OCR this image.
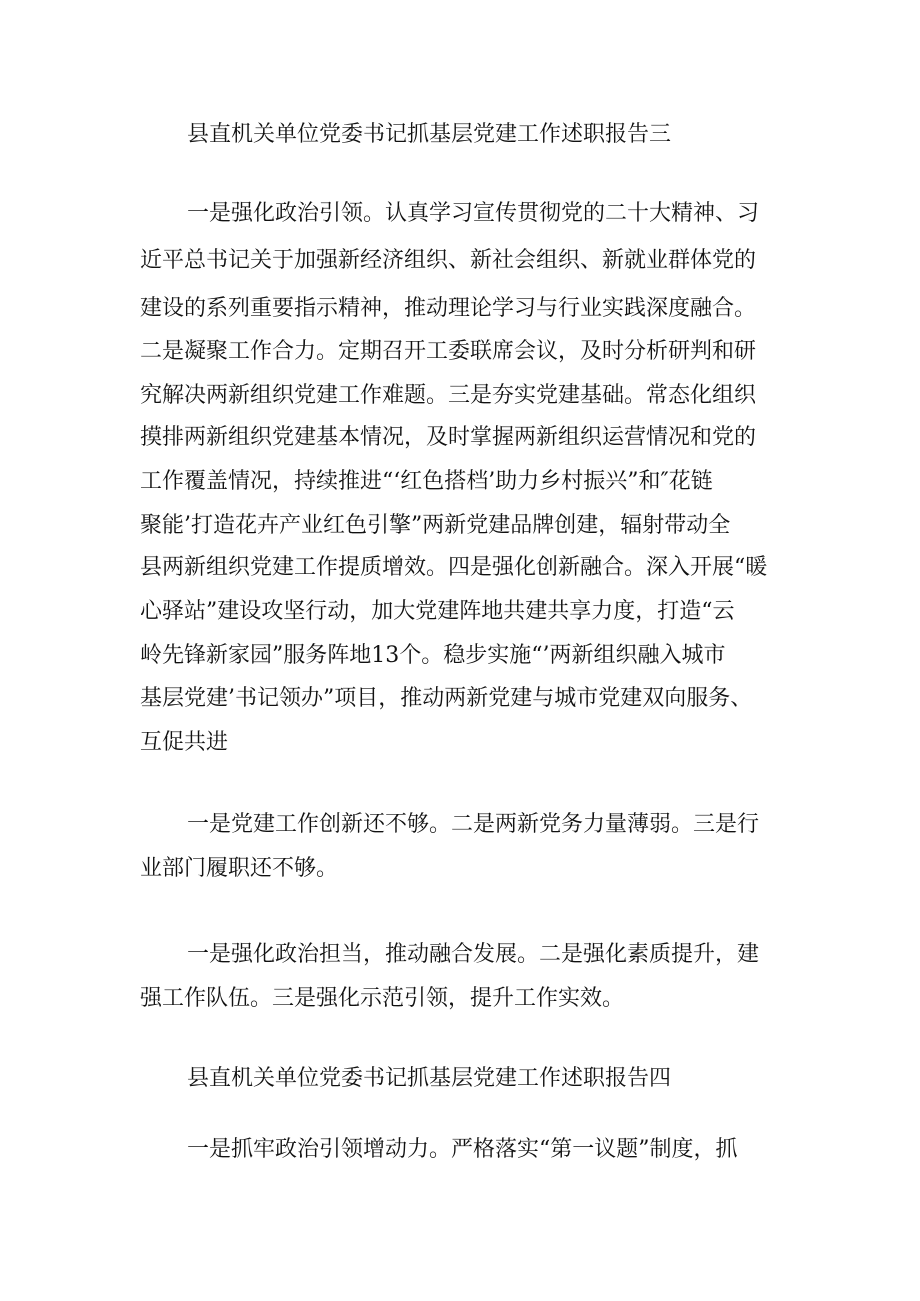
县直机关单位党委书记抓基层党建工作述职报告三

一是强化政治引领。认真学习宣传贯彻党的二十大精神、习

近平总书记关于加强新经济组织、新社会组织、新就业群体党的

建设的系列重要指示精神，推动理论学习与行业实践深度融合。

二是凝聚工作合力。定期召开工委联席会议，及时分析研判和研

究解决两新组织党建工作难题。三是夯实党建基础。常态化组织

摸排两新组织党建基本情况，及时掌握两新组织运营情况和党的

工作覆盖情况，持续推进“‘红色搭档’助力乡村振兴”和″花链

聚能’打造花卉产业红色引擎”两新党建品牌创建，辐射带动全

县两新组织党建工作提质增效。四是强化创新融合。深入开展“暖

心驿站”建设攻坚行动，加大党建阵地共建共享力度，打造“云

岭先锋新家园”服务阵地13个。稳步实施“’两新组织融入城市

基层党建’书记领办”项目，推动两新党建与城市党建双向服务、

互促共进

一是党建工作创新还不够。二是两新党务力量薄弱。三是行

业部门履职还不够。

一是强化政治担当，推动融合发展。二是强化素质提升，建

强工作队伍。三是强化示范引领，提升工作实效。

县直机关单位党委书记抓基层党建工作述职报告四

一是抓牢政治引领增动力。严格落实“第一议题”制度，抓
